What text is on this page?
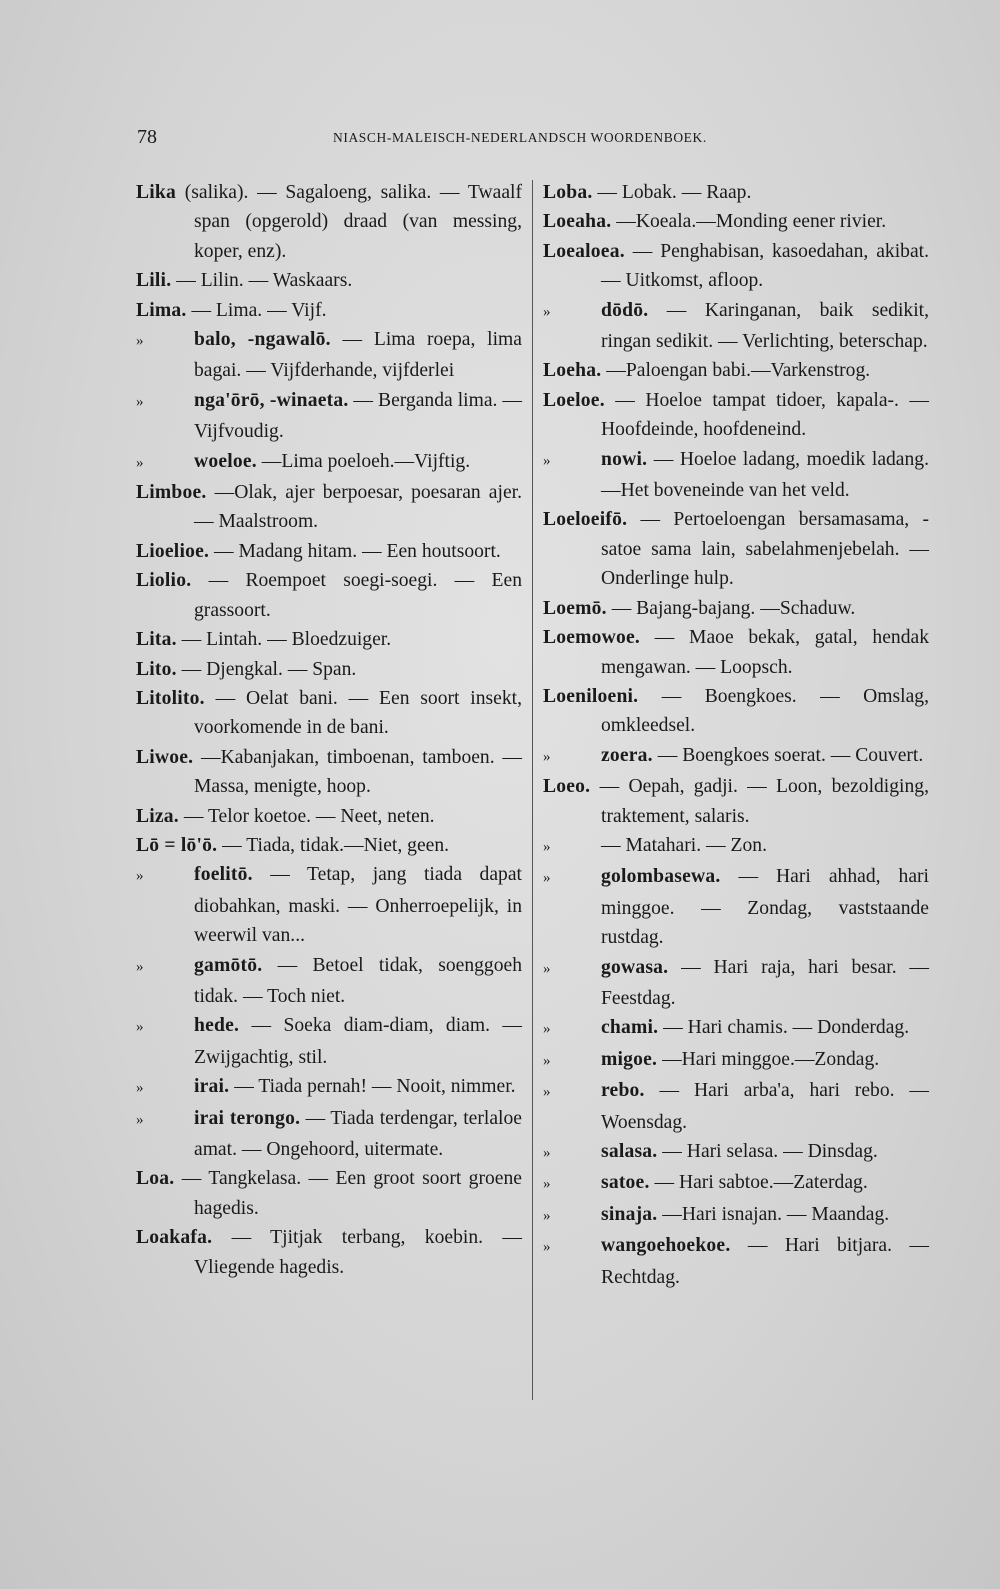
78	NIASCH-MALEISCH-NEDERLANDSCH WOORDENBOEK.

Lika (salika). — Sagaloeng, salika. — Twaalf span (opgerold) draad (van messing, koper, enz).

Lili. — Lilin. — Waskaars.

Lima. — Lima. — Vijf.

»	balo, -ngawalō. — Lima roepa, lima bagai. — Vijfderhande, vijfderlei

»	nga'ōrō, -winaeta. — Berganda lima. — Vijfvoudig.

»	woeloe. —Lima poeloeh.—Vijftig.

Limboe. —Olak, ajer berpoesar, poesaran ajer. — Maalstroom.

Lioelioe. — Madang hitam. — Een houtsoort.

Liolio. — Roempoet soegi-soegi. — Een grassoort.

Lita. — Lintah. — Bloedzuiger.

Lito. — Djengkal. — Span.

Litolito. — Oelat bani. — Een soort insekt, voorkomende in de bani.

Liwoe. —Kabanjakan, timboenan, tamboen. — Massa, menigte, hoop.

Liza. — Telor koetoe. — Neet, neten.

Lō = lō'ō. — Tiada, tidak.—Niet, geen.

»	foelitō. — Tetap, jang tiada dapat diobahkan, maski. — Onherroepelijk, in weerwil van...

»	gamōtō. — Betoel tidak, soenggoeh tidak. — Toch niet.

»	hede. — Soeka diam-diam, diam. — Zwijgachtig, stil.

»	irai. — Tiada pernah! — Nooit, nimmer.

»	irai terongo. — Tiada terdengar, terlaloe amat. — Ongehoord, uitermate.

Loa. — Tangkelasa. — Een groot soort groene hagedis.

Loakafa. — Tjitjak terbang, koebin. — Vliegende hagedis.

Loba. — Lobak. — Raap.

Loeaha. —Koeala.—Monding eener rivier.

Loealoea. — Penghabisan, kasoedahan, akibat. — Uitkomst, afloop.

»	dōdō. — Karinganan, baik sedikit, ringan sedikit. — Verlichting, beterschap.

Loeha. —Paloengan babi.—Varkenstrog.

Loeloe. — Hoeloe tampat tidoer, kapala-. — Hoofdeinde, hoofdeneind.

»	nowi. — Hoeloe ladang, moedik ladang.—Het boveneinde van het veld.

Loeloeifō. — Pertoeloengan bersamasama, -satoe sama lain, sabelahmenjebelah. — Onderlinge hulp.

Loemō. — Bajang-bajang. —Schaduw.

Loemowoe. — Maoe bekak, gatal, hendak mengawan. — Loopsch.

Loeniloeni. — Boengkoes. — Omslag, omkleedsel.

»	zoera. — Boengkoes soerat. — Couvert.

Loeo. — Oepah, gadji. — Loon, bezoldiging, traktement, salaris.

»	— Matahari. — Zon.

»	golombasewa. — Hari ahhad, hari minggoe. — Zondag, vaststaande rustdag.

»	gowasa. — Hari raja, hari besar. — Feestdag.

»	chami. — Hari chamis. — Donderdag.

»	migoe. —Hari minggoe.—Zondag.

»	rebo. — Hari arba'a, hari rebo. — Woensdag.

»	salasa. — Hari selasa. — Dinsdag.

»	satoe. — Hari sabtoe.—Zaterdag.

»	sinaja. —Hari isnajan. — Maandag.

»	wangoehoekoe. — Hari bitjara. — Rechtdag.
